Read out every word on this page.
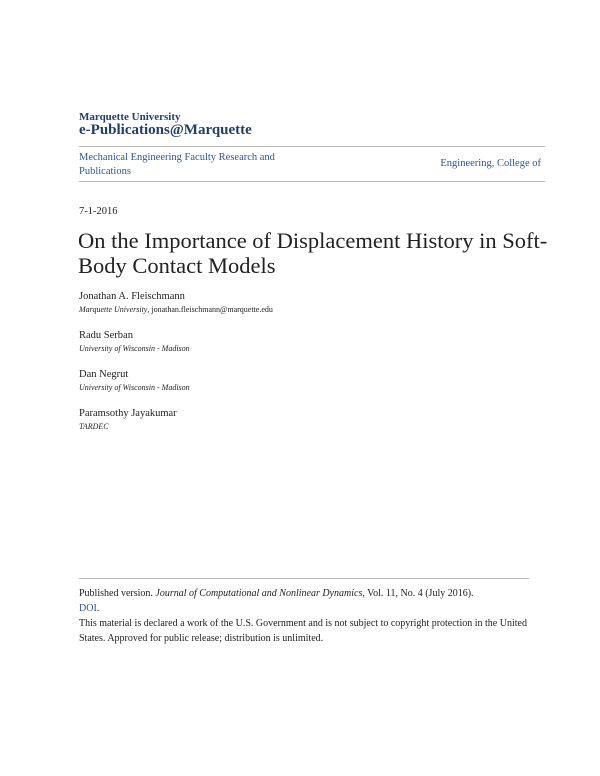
Marquette University
e-Publications@Marquette
Mechanical Engineering Faculty Research and Publications
Engineering, College of
7-1-2016
On the Importance of Displacement History in Soft-Body Contact Models
Jonathan A. Fleischmann
Marquette University, jonathan.fleischmann@marquette.edu
Radu Serban
University of Wisconsin - Madison
Dan Negrut
University of Wisconsin - Madison
Paramsothy Jayakumar
TARDEC
Published version. Journal of Computational and Nonlinear Dynamics, Vol. 11, No. 4 (July 2016).
DOI.
This material is declared a work of the U.S. Government and is not subject to copyright protection in the United States. Approved for public release; distribution is unlimited.
